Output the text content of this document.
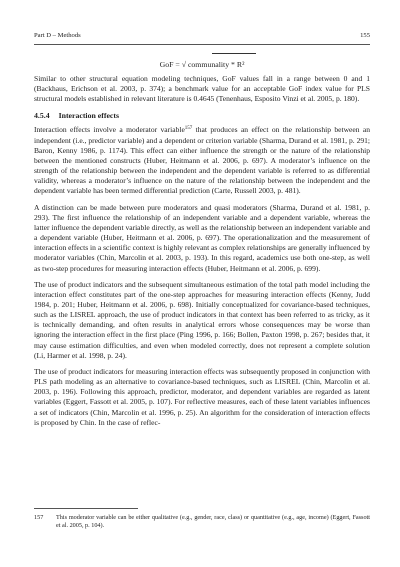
Part D – Methods	155
GoF = √ communality * R²

Similar to other structural equation modeling techniques, GoF values fall in a range between 0 and 1 (Backhaus, Erichson et al. 2003, p. 374); a benchmark value for an acceptable GoF index value for PLS structural models established in relevant literature is 0.4645 (Tenenhaus, Esposito Vinzi et al. 2005, p. 180).

4.5.4 Interaction effects

Interaction effects involve a moderator variable$^{157}$ that produces an effect on the relationship between an independent (i.e., predictor variable) and a dependent or criterion variable (Sharma, Durand et al. 1981, p. 291; Baron, Kenny 1986, p. 1174). This effect can either influence the strength or the nature of the relationship between the mentioned constructs (Huber, Heitmann et al. 2006, p. 697). A moderator’s influence on the strength of the relationship between the independent and the dependent variable is referred to as differential validity, whereas a moderator’s influence on the nature of the relationship between the independent and the dependent variable has been termed differential prediction (Carte, Russell 2003, p. 481).

A distinction can be made between pure moderators and quasi moderators (Sharma, Durand et al. 1981, p. 293). The first influence the relationship of an independent variable and a dependent variable, whereas the latter influence the dependent variable directly, as well as the relationship between an independent variable and a dependent variable (Huber, Heitmann et al. 2006, p. 697). The operationalization and the measurement of interaction effects in a scientific context is highly relevant as complex relationships are generally influenced by moderator variables (Chin, Marcolin et al. 2003, p. 193). In this regard, academics use both one-step, as well as two-step procedures for measuring interaction effects (Huber, Heitmann et al. 2006, p. 699).

The use of product indicators and the subsequent simultaneous estimation of the total path model including the interaction effect constitutes part of the one-step approaches for measuring interaction effects (Kenny, Judd 1984, p. 201; Huber, Heitmann et al. 2006, p. 698). Initially conceptualized for covariance-based techniques, such as the LISREL approach, the use of product indicators in that context has been referred to as tricky, as it is technically demanding, and often results in analytical errors whose consequences may be worse than ignoring the interaction effect in the first place (Ping 1996, p. 166; Bollen, Paxton 1998, p. 267; besides that, it may cause estimation difficulties, and even when modeled correctly, does not represent a complete solution (Li, Harmer et al. 1998, p. 24).

The use of product indicators for measuring interaction effects was subsequently proposed in conjunction with PLS path modeling as an alternative to covariance-based techniques, such as LISREL (Chin, Marcolin et al. 2003, p. 196). Following this approach, predictor, moderator, and dependent variables are regarded as latent variables (Eggert, Fassott et al. 2005, p. 107). For reflective measures, each of these latent variables influences a set of indicators (Chin, Marcolin et al. 1996, p. 25). An algorithm for the consideration of interaction effects is proposed by Chin. In the case of reflec-

157 This moderator variable can be either qualitative (e.g., gender, race, class) or quantitative (e.g., age, income) (Eggert, Fassott et al. 2005, p. 104).
